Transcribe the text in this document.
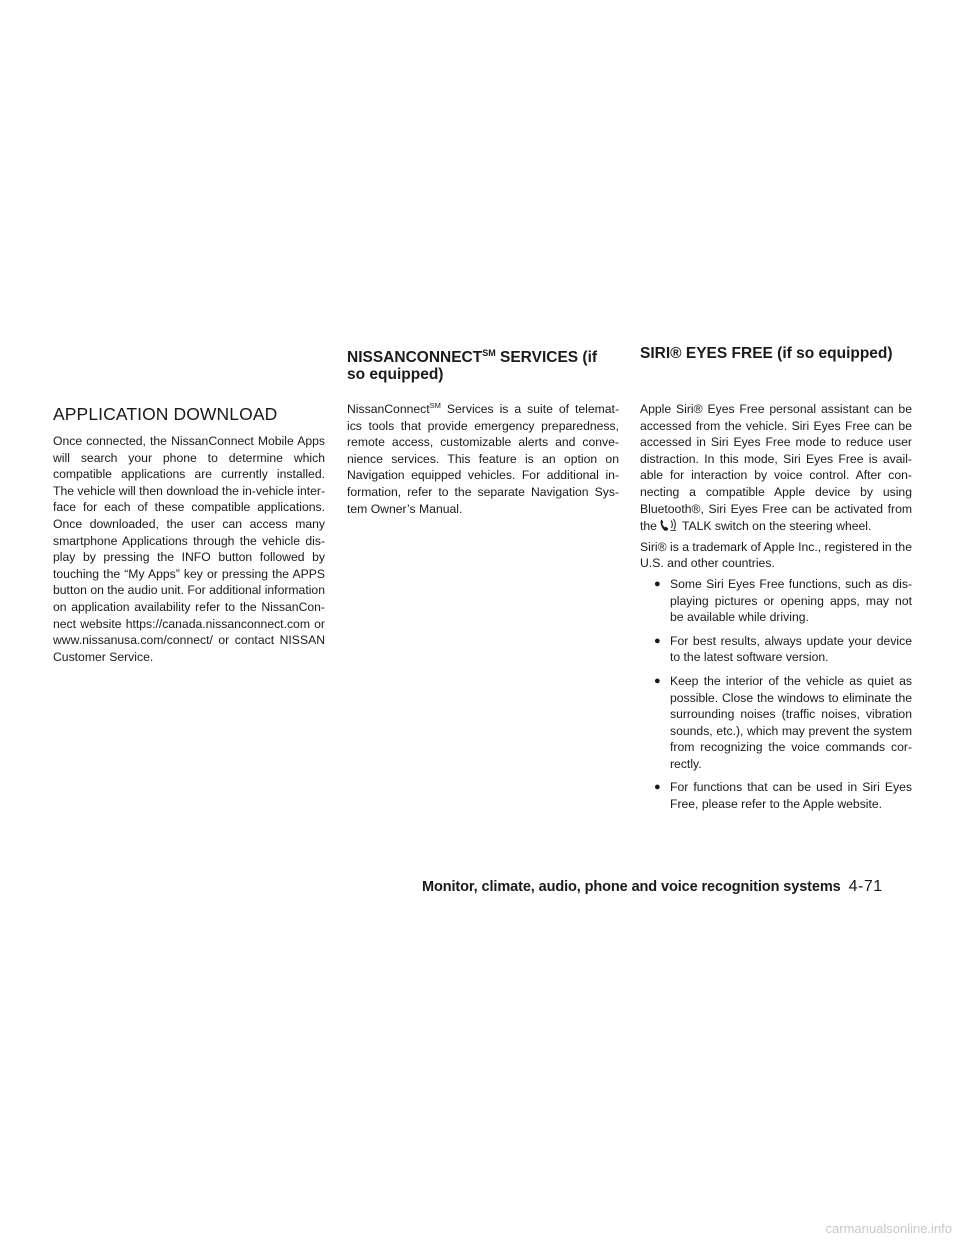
APPLICATION DOWNLOAD

Once connected, the NissanConnect Mobile Apps will search your phone to determine which compatible applications are currently installed. The vehicle will then download the in-vehicle inter- face for each of these compatible applications. Once downloaded, the user can access many smartphone Applications through the vehicle dis- play by pressing the INFO button followed by touching the “My Apps” key or pressing the APPS button on the audio unit. For additional information on application availability refer to the NissanCon- nect website https://canada.nissanconnect.com or www.nissanusa.com/connect/ or contact NISSAN Customer Service.

NISSANCONNECT℠ SERVICES (if so equipped)

NissanConnect℠ Services is a suite of telemat- ics tools that provide emergency preparedness, remote access, customizable alerts and conve- nience services. This feature is an option on Navigation equipped vehicles. For additional in- formation, refer to the separate Navigation Sys- tem Owner’s Manual.

SIRI® EYES FREE (if so equipped)

Apple Siri® Eyes Free personal assistant can be accessed from the vehicle. Siri Eyes Free can be accessed in Siri Eyes Free mode to reduce user distraction. In this mode, Siri Eyes Free is avail- able for interaction by voice control. After con- necting a compatible Apple device by using Bluetooth®, Siri Eyes Free can be activated from the TALK switch on the steering wheel.

Siri® is a trademark of Apple Inc., registered in the U.S. and other countries.

● Some Siri Eyes Free functions, such as dis- playing pictures or opening apps, may not be available while driving.
● For best results, always update your device to the latest software version.
● Keep the interior of the vehicle as quiet as possible. Close the windows to eliminate the surrounding noises (traffic noises, vibration sounds, etc.), which may prevent the system from recognizing the voice commands cor- rectly.
● For functions that can be used in Siri Eyes Free, please refer to the Apple website.
Monitor, climate, audio, phone and voice recognition systems 4-71
carmanualsonline.info
